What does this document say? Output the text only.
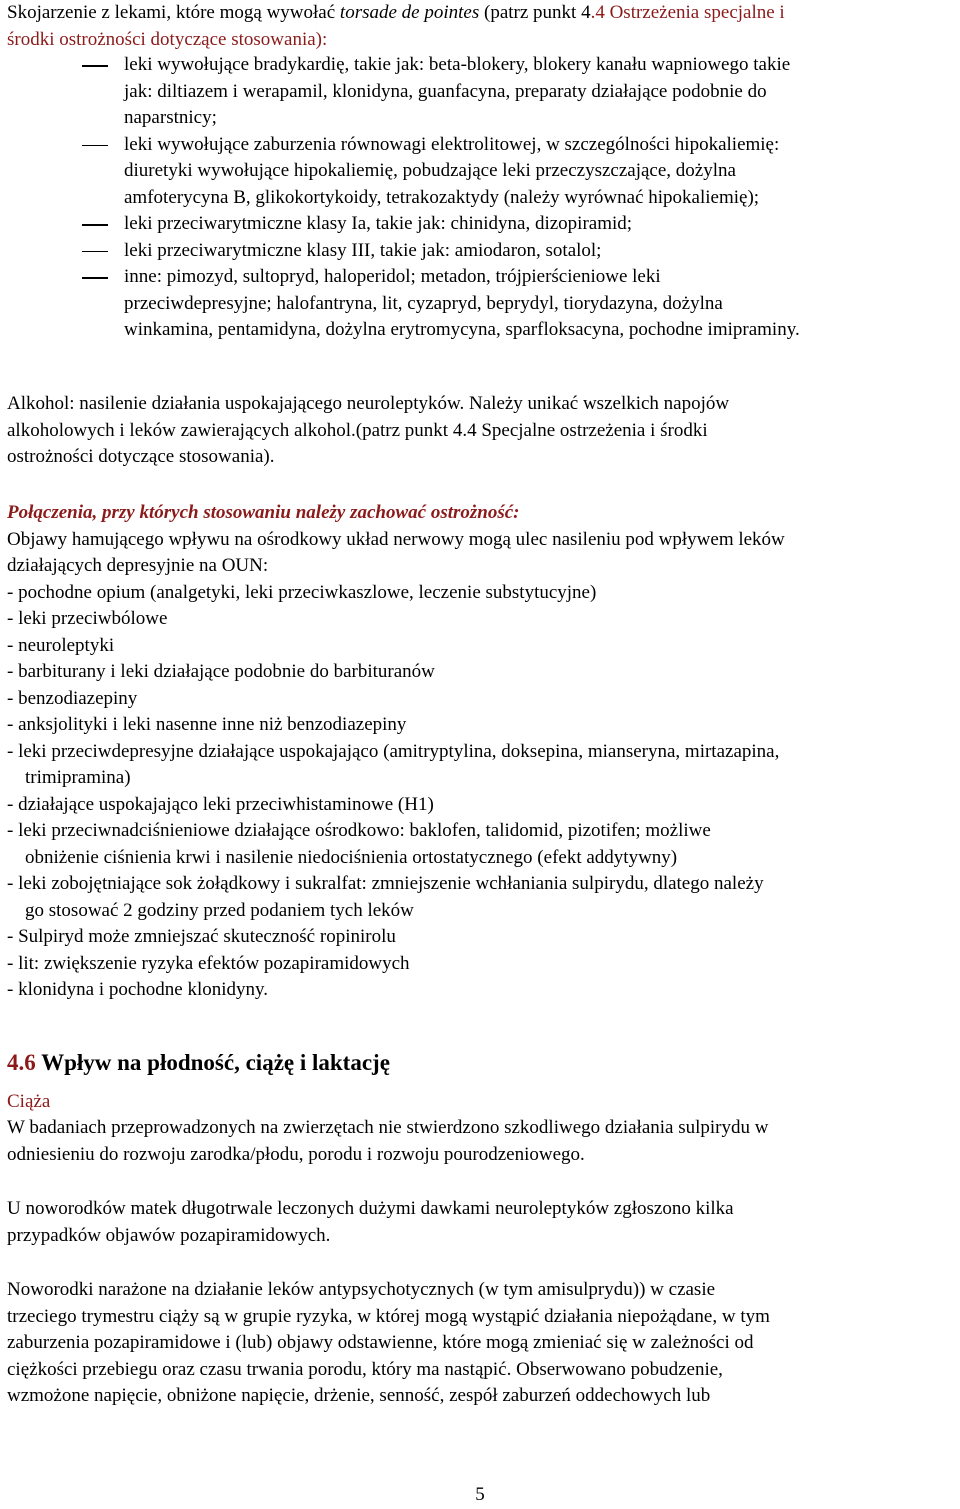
Skojarzenie z lekami, które mogą wywołać torsade de pointes (patrz punkt 4.4 Ostrzeżenia specjalne i

środki ostrożności dotyczące stosowania):

leki wywołujące bradykardię, takie jak: beta-blokery, blokery kanału wapniowego takie

jak: diltiazem i werapamil, klonidyna, guanfacyna, preparaty działające podobnie do

naparstnicy;

leki wywołujące zaburzenia równowagi elektrolitowej, w szczególności hipokaliemię:

diuretyki wywołujące hipokaliemię, pobudzające leki przeczyszczające, dożylna

amfoterycyna B, glikokortykoidy, tetrakozaktydy (należy wyrównać hipokaliemię);

leki przeciwarytmiczne klasy Ia, takie jak: chinidyna, dizopiramid;

leki przeciwarytmiczne klasy III, takie jak: amiodaron, sotalol;

inne: pimozyd, sultopryd, haloperidol; metadon, trójpierścieniowe leki

przeciwdepresyjne; halofantryna, lit, cyzapryd, beprydyl, tiorydazyna, dożylna

winkamina, pentamidyna, dożylna erytromycyna, sparfloksacyna, pochodne imipraminy.

Alkohol: nasilenie działania uspokajającego neuroleptyków. Należy unikać wszelkich napojów

alkoholowych i leków zawierających alkohol.(patrz punkt 4.4 Specjalne ostrzeżenia i środki

ostrożności dotyczące stosowania).

Połączenia, przy których stosowaniu należy zachować ostrożność:

Objawy hamującego wpływu na ośrodkowy układ nerwowy mogą ulec nasileniu pod wpływem leków

działających depresyjnie na OUN:

- pochodne opium (analgetyki, leki przeciwkaszlowe, leczenie substytucyjne)

- leki przeciwbólowe

- neuroleptyki

- barbiturany i leki działające podobnie do barbituranów

- benzodiazepiny

- anksjolityki i leki nasenne inne niż benzodiazepiny

- leki przeciwdepresyjne działające uspokajająco (amitryptylina, doksepina, mianseryna, mirtazapina,

trimipramina)

- działające uspokajająco leki przeciwhistaminowe (H1)

- leki przeciwnadciśnieniowe działające ośrodkowo: baklofen, talidomid, pizotifen; możliwe

obniżenie ciśnienia krwi i nasilenie niedociśnienia ortostatycznego (efekt addytywny)

- leki zobojętniające sok żołądkowy i sukralfat: zmniejszenie wchłaniania sulpirydu, dlatego należy

go stosować 2 godziny przed podaniem tych leków

- Sulpiryd może zmniejszać skuteczność ropinirolu

- lit: zwiększenie ryzyka efektów pozapiramidowych

- klonidyna i pochodne klonidyny.

4.6 Wpływ na płodność, ciążę i laktację

Ciąża

W badaniach przeprowadzonych na zwierzętach nie stwierdzono szkodliwego działania sulpirydu w

odniesieniu do rozwoju zarodka/płodu, porodu i rozwoju pourodzeniowego.

U noworodków matek długotrwale leczonych dużymi dawkami neuroleptyków zgłoszono kilka

przypadków objawów pozapiramidowych.

Noworodki narażone na działanie leków antypsychotycznych (w tym amisulprydu)) w czasie

trzeciego trymestru ciąży są w grupie ryzyka, w której mogą wystąpić działania niepożądane, w tym

zaburzenia pozapiramidowe i (lub) objawy odstawienne, które mogą zmieniać się w zależności od

ciężkości przebiegu oraz czasu trwania porodu, który ma nastąpić. Obserwowano pobudzenie,

wzmożone napięcie, obniżone napięcie, drżenie, senność, zespół zaburzeń oddechowych lub

5
